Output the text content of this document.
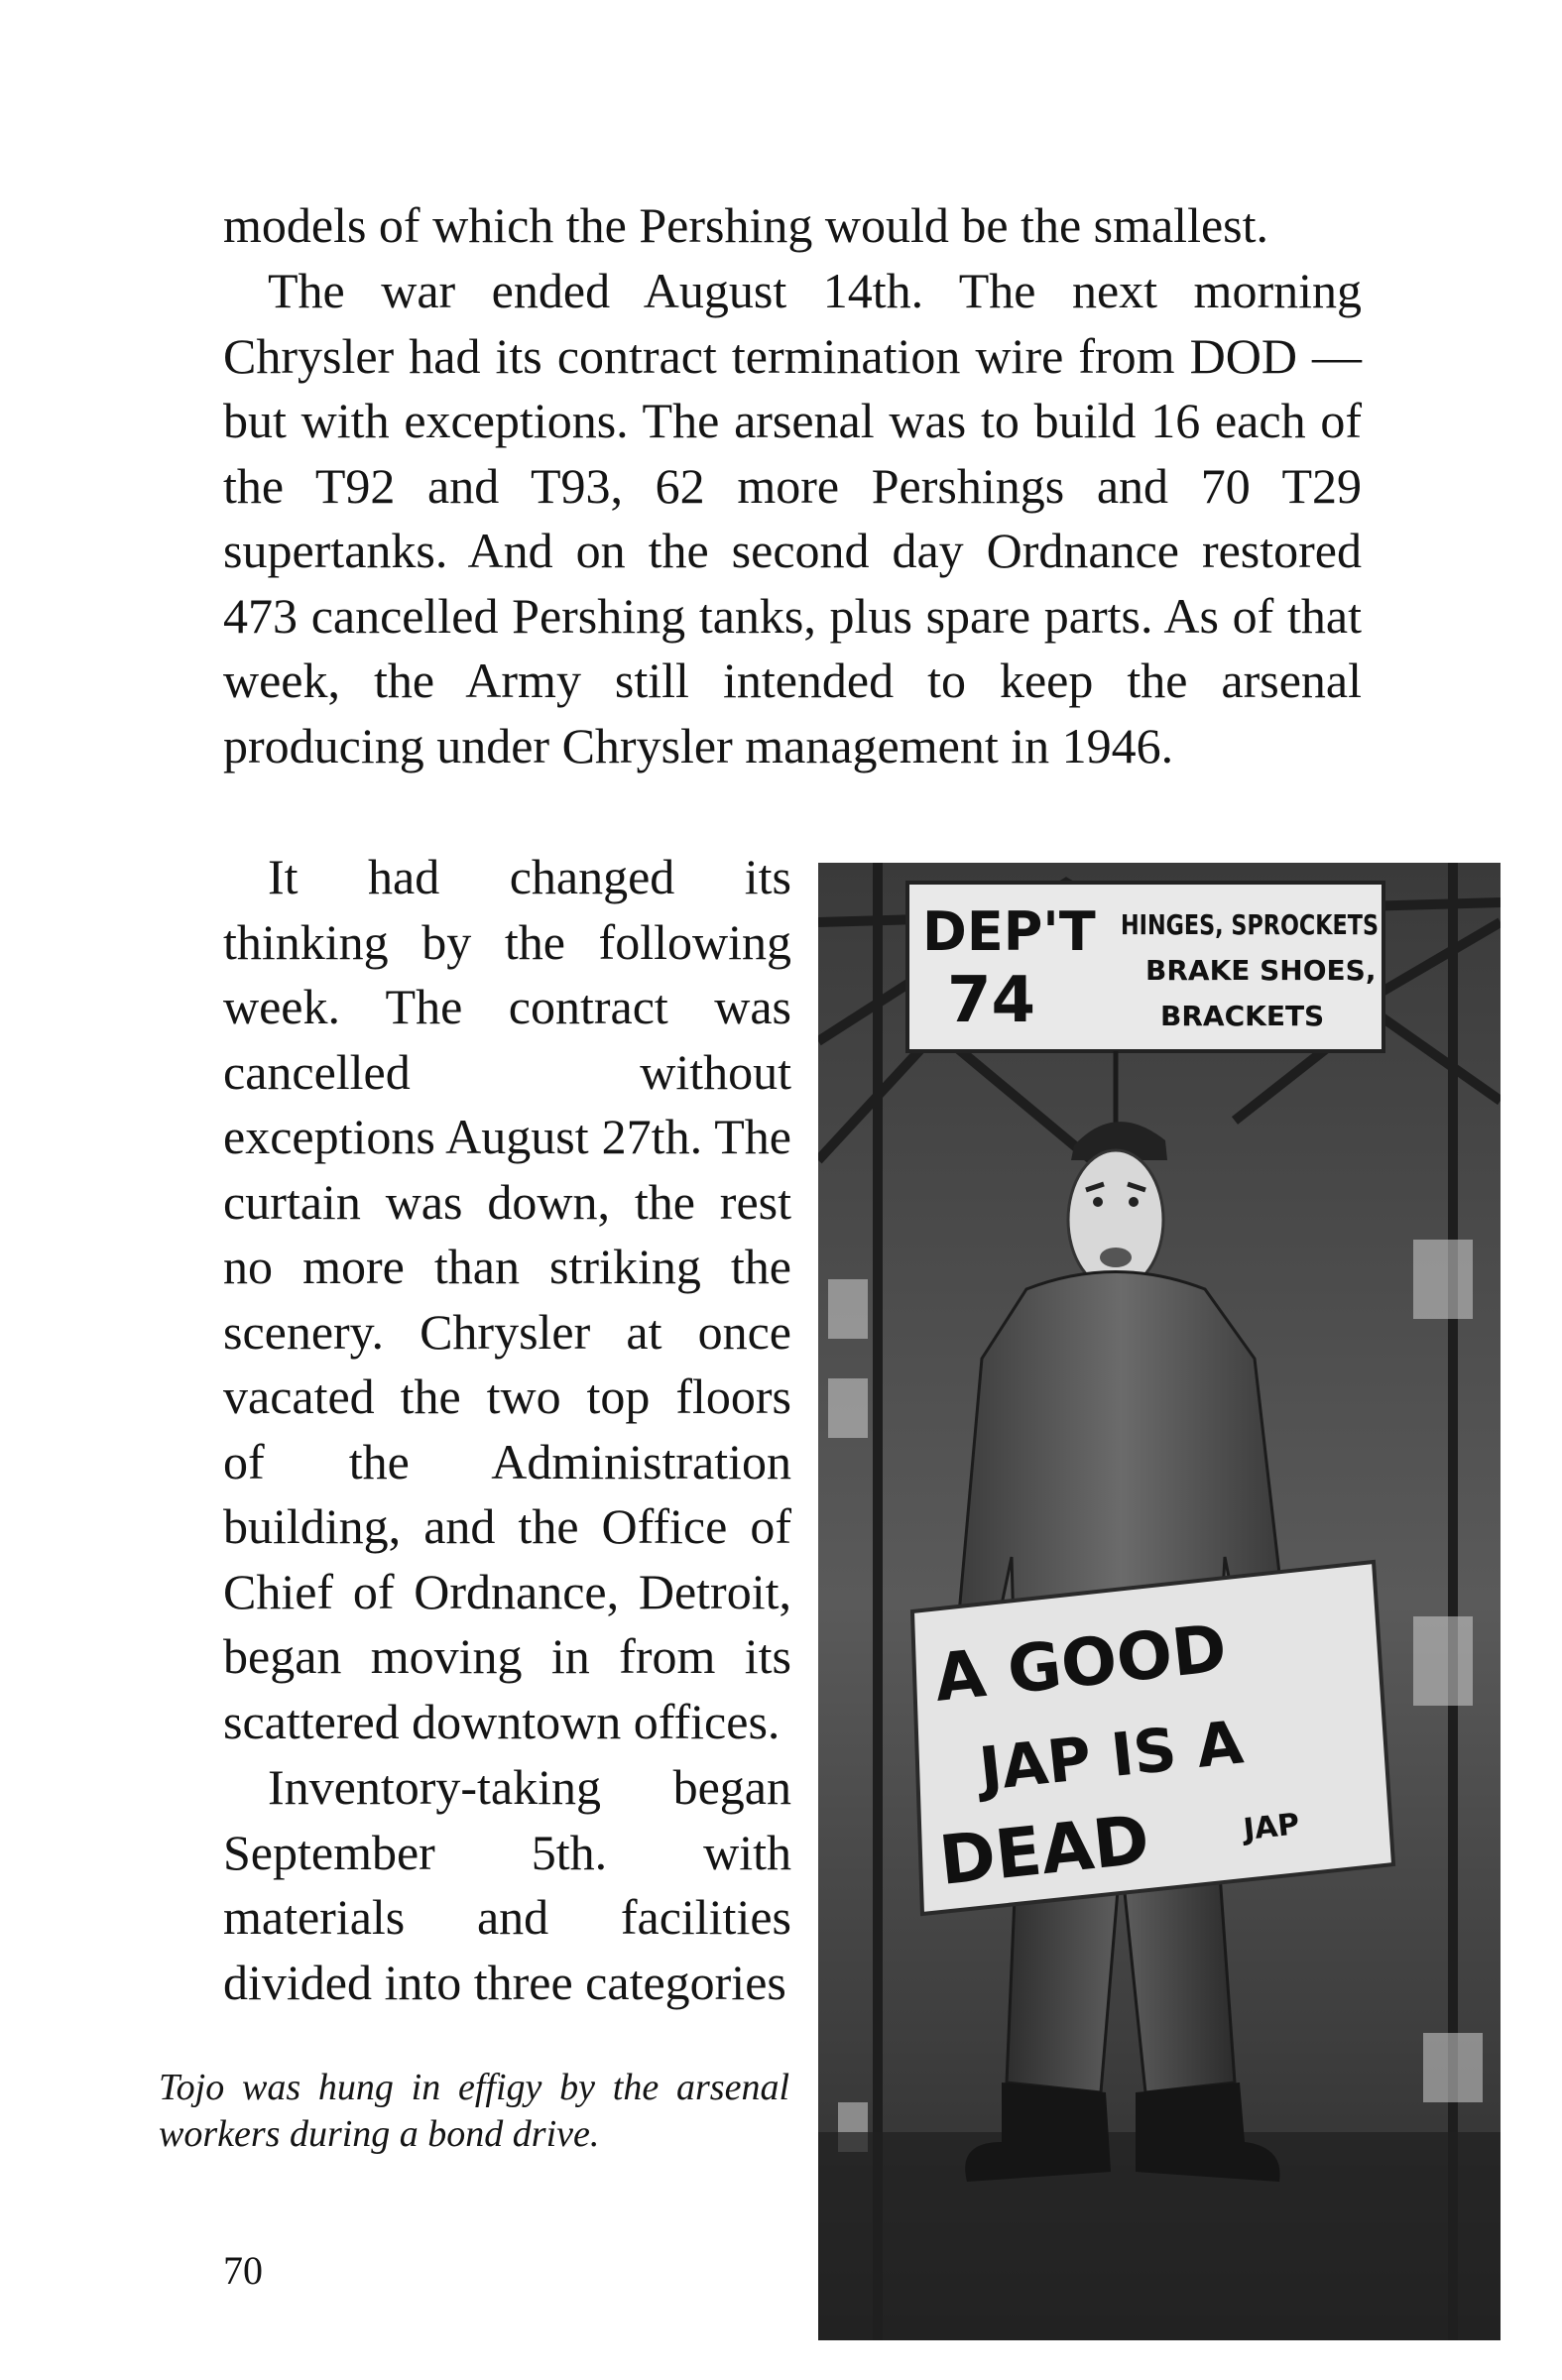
models of which the Pershing would be the smallest.

The war ended August 14th. The next morning Chrysler had its contract termination wire from DOD —but with exceptions. The arsenal was to build 16 each of the T92 and T93, 62 more Pershings and 70 T29 supertanks. And on the second day Ordnance restored 473 cancelled Pershing tanks, plus spare parts. As of that week, the Army still intended to keep the arsenal producing under Chrysler management in 1946.

It had changed its thinking by the following week. The contract was cancelled without exceptions August 27th. The curtain was down, the rest no more than striking the scenery. Chrysler at once vacated the two top floors of the Administration building, and the Office of Chief of Ordnance, Detroit, began moving in from its scattered downtown offices.

Inventory-taking began September 5th. with materials and facilities divided into three categories

Tojo was hung in effigy by the arsenal workers during a bond drive.

70

DEP'T
74
HINGES, SPROCKETS
BRAKE SHOES,
BRACKETS
A GOOD
JAP IS A
DEAD	JAP
